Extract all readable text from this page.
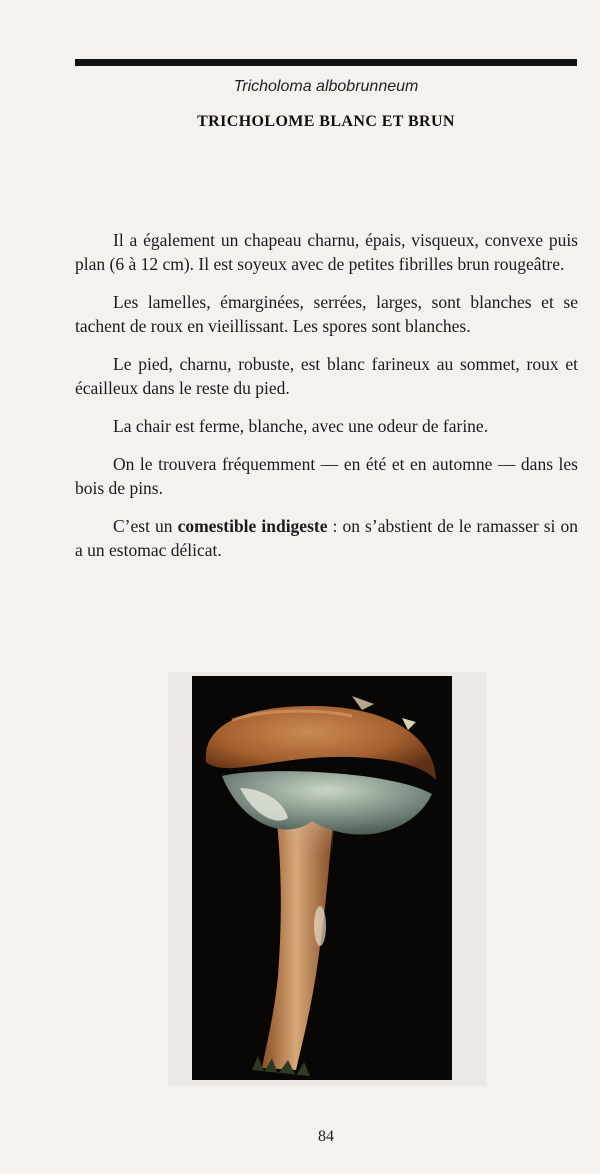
Tricholoma albobrunneum
TRICHOLOME BLANC ET BRUN

Il a également un chapeau charnu, épais, visqueux, convexe puis plan (6 à 12 cm). Il est soyeux avec de petites fibrilles brun rougeâtre.

Les lamelles, émarginées, serrées, larges, sont blanches et se tachent de roux en vieillissant. Les spores sont blanches.

Le pied, charnu, robuste, est blanc farineux au sommet, roux et écailleux dans le reste du pied.

La chair est ferme, blanche, avec une odeur de farine.

On le trouvera fréquemment — en été et en automne — dans les bois de pins.

C’est un comestible indigeste : on s’abstient de le ramasser si on a un estomac délicat.

84
